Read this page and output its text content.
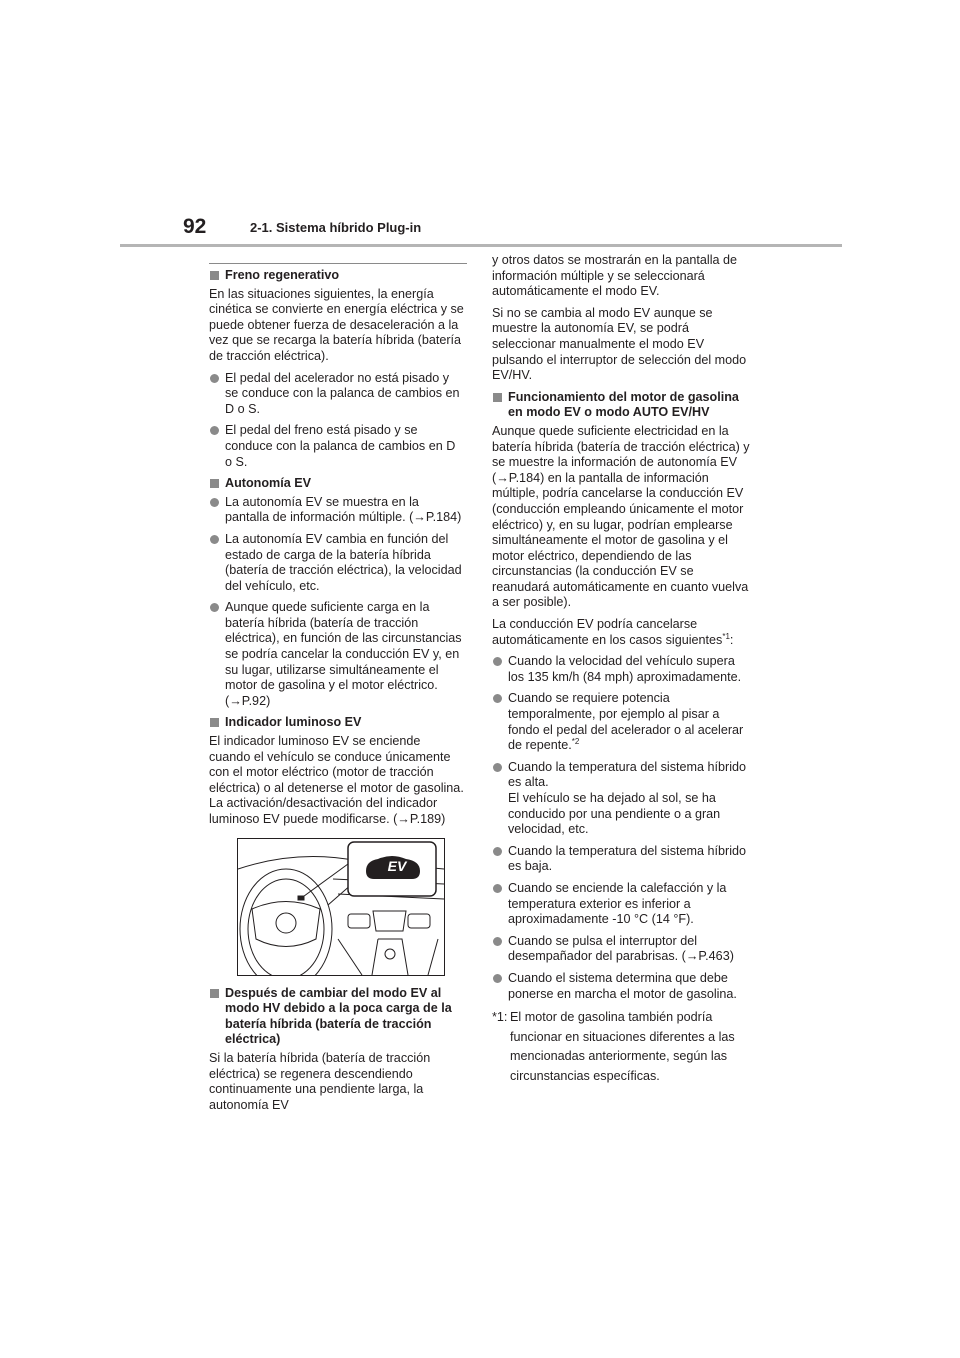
92	2-1. Sistema híbrido Plug-in
Freno regenerativo

En las situaciones siguientes, la energía cinética se convierte en energía eléctrica y se puede obtener fuerza de desaceleración a la vez que se recarga la batería híbrida (batería de tracción eléctrica).

El pedal del acelerador no está pisado y se conduce con la palanca de cambios en D o S.
El pedal del freno está pisado y se conduce con la palanca de cambios en D o S.
Autonomía EV
La autonomía EV se muestra en la pantalla de información múltiple. (→P.184)
La autonomía EV cambia en función del estado de carga de la batería híbrida (batería de tracción eléctrica), la velocidad del vehículo, etc.
Aunque quede suficiente carga en la batería híbrida (batería de tracción eléctrica), en función de las circunstancias se podría cancelar la conducción EV y, en su lugar, utilizarse simultáneamente el motor de gasolina y el motor eléctrico. (→P.92)
Indicador luminoso EV

El indicador luminoso EV se enciende cuando el vehículo se conduce únicamente con el motor eléctrico (motor de tracción eléctrica) o al detenerse el motor de gasolina. La activación/desactivación del indicador luminoso EV puede modificarse. (→P.189)

EV
Después de cambiar del modo EV al modo HV debido a la poca carga de la batería híbrida (batería de tracción eléctrica)

Si la batería híbrida (batería de tracción eléctrica) se regenera descendiendo continuamente una pendiente larga, la autonomía EV

y otros datos se mostrarán en la pantalla de información múltiple y se seleccionará automáticamente el modo EV.

Si no se cambia al modo EV aunque se muestre la autonomía EV, se podrá seleccionar manualmente el modo EV pulsando el interruptor de selección del modo EV/HV.

Funcionamiento del motor de gasolina en modo EV o modo AUTO EV/HV

Aunque quede suficiente electricidad en la batería híbrida (batería de tracción eléctrica) y se muestre la información de autonomía EV (→P.184) en la pantalla de información múltiple, podría cancelarse la conducción EV (conducción empleando únicamente el motor eléctrico) y, en su lugar, podrían emplearse simultáneamente el motor de gasolina y el motor eléctrico, dependiendo de las circunstancias (la conducción EV se reanudará automáticamente en cuanto vuelva a ser posible).

La conducción EV podría cancelarse automáticamente en los casos siguientes$^{*1}$:

Cuando la velocidad del vehículo supera los 135 km/h (84 mph) aproximadamente.
Cuando se requiere potencia temporalmente, por ejemplo al pisar a fondo el pedal del acelerador o al acelerar de repente.$^{*2}$
Cuando la temperatura del sistema híbrido es alta.
El vehículo se ha dejado al sol, se ha conducido por una pendiente o a gran velocidad, etc.
Cuando la temperatura del sistema híbrido es baja.
Cuando se enciende la calefacción y la temperatura exterior es inferior a aproximadamente -10 °C (14 °F).
Cuando se pulsa el interruptor del desempañador del parabrisas. (→P.463)
Cuando el sistema determina que debe ponerse en marcha el motor de gasolina.
*1: El motor de gasolina también podría funcionar en situaciones diferentes a las mencionadas anteriormente, según las circunstancias específicas.
